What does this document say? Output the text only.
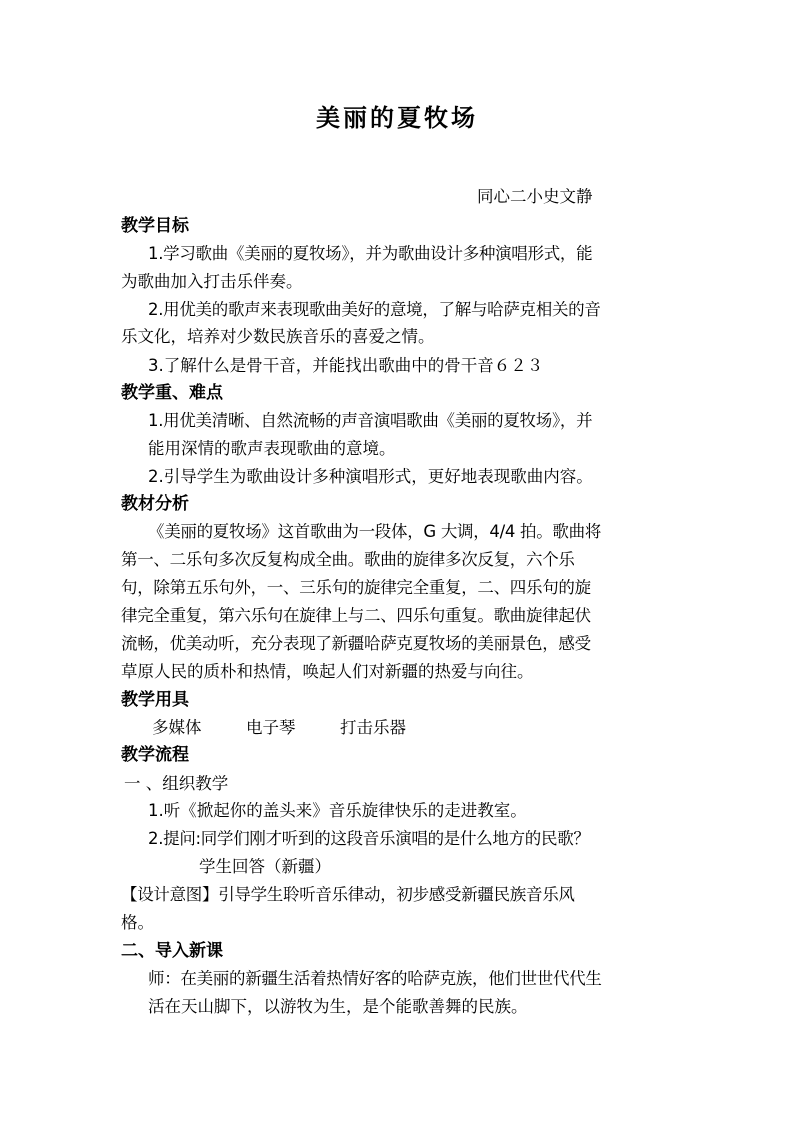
美丽的夏牧场
同心二小史文静
教学目标
1.学习歌曲《美丽的夏牧场》，并为歌曲设计多种演唱形式，能
为歌曲加入打击乐伴奏。
2.用优美的歌声来表现歌曲美好的意境，了解与哈萨克相关的音
乐文化，培养对少数民族音乐的喜爱之情。
3.了解什么是骨干音，并能找出歌曲中的骨干音６２３
教学重、难点
1.用优美清晰、自然流畅的声音演唱歌曲《美丽的夏牧场》，并
能用深情的歌声表现歌曲的意境。
2.引导学生为歌曲设计多种演唱形式，更好地表现歌曲内容。
教材分析
《美丽的夏牧场》这首歌曲为一段体，G 大调，4/4 拍。歌曲将
第一、二乐句多次反复构成全曲。歌曲的旋律多次反复，六个乐
句，除第五乐句外，一、三乐句的旋律完全重复，二、四乐句的旋
律完全重复，第六乐句在旋律上与二、四乐句重复。歌曲旋律起伏
流畅，优美动听，充分表现了新疆哈萨克夏牧场的美丽景色，感受
草原人民的质朴和热情，唤起人们对新疆的热爱与向往。
教学用具
多媒体	电子琴	打击乐器
教学流程
一 、组织教学
1.听《掀起你的盖头来》音乐旋律快乐的走进教室。
2.提问:同学们刚才听到的这段音乐演唱的是什么地方的民歌？
学生回答（新疆）
【设计意图】引导学生聆听音乐律动，初步感受新疆民族音乐风
格。
二、导入新课
师：在美丽的新疆生活着热情好客的哈萨克族，他们世世代代生
活在天山脚下，以游牧为生，是个能歌善舞的民族。
